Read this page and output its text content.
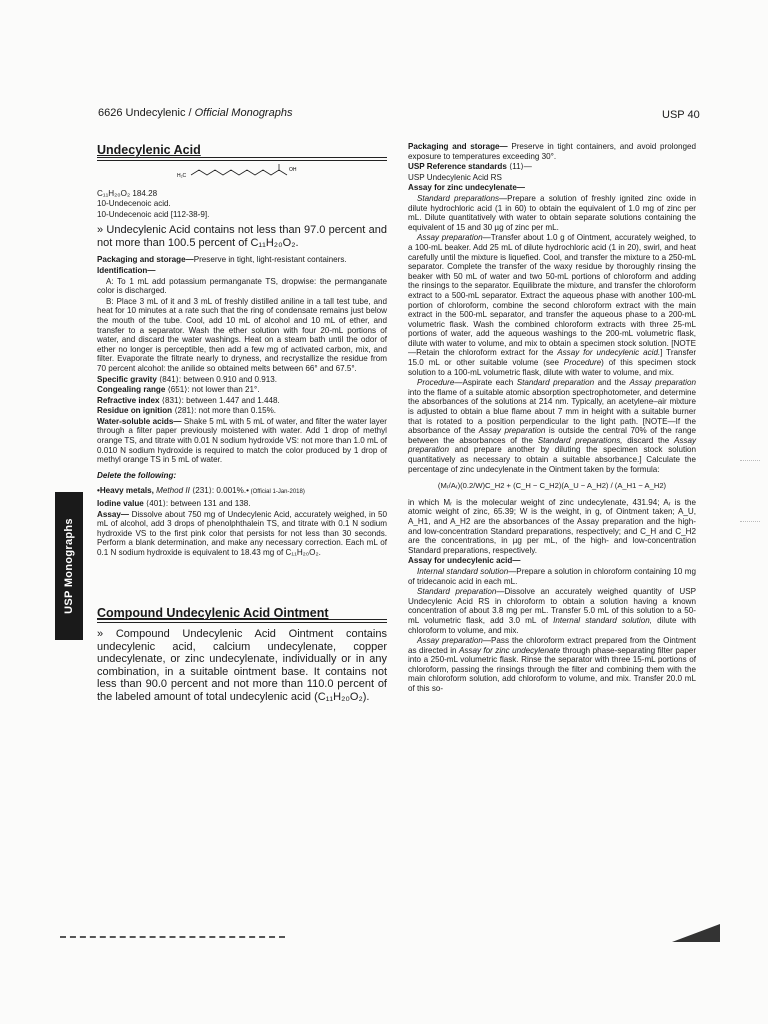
6626 Undecylenic / Official Monographs	USP 40
USP Monographs
Undecylenic Acid
H₂C
OH
C₁₁H₂₀O₂ 184.28
10-Undecenoic acid.
10-Undecenoic acid [112-38-9].
» Undecylenic Acid contains not less than 97.0 percent and not more than 100.5 percent of C₁₁H₂₀O₂.
Packaging and storage—Preserve in tight, light-resistant containers.
Identification—
A: To 1 mL add potassium permanganate TS, dropwise: the permanganate color is discharged.
B: Place 3 mL of it and 3 mL of freshly distilled aniline in a tall test tube, and heat for 10 minutes at a rate such that the ring of condensate remains just below the mouth of the tube. Cool, add 10 mL of alcohol and 10 mL of ether, and transfer to a separator. Wash the ether solution with four 20-mL portions of water, and discard the water washings. Heat on a steam bath until the odor of ether no longer is perceptible, then add a few mg of activated carbon, mix, and filter. Evaporate the filtrate nearly to dryness, and recrystallize the residue from 70 percent alcohol: the anilide so obtained melts between 66° and 67.5°.
Specific gravity ⟨841⟩: between 0.910 and 0.913.
Congealing range ⟨651⟩: not lower than 21°.
Refractive index ⟨831⟩: between 1.447 and 1.448.
Residue on ignition ⟨281⟩: not more than 0.15%.
Water-soluble acids— Shake 5 mL with 5 mL of water, and filter the water layer through a filter paper previously moistened with water. Add 1 drop of methyl orange TS, and titrate with 0.01 N sodium hydroxide VS: not more than 1.0 mL of 0.010 N sodium hydroxide is required to match the color produced by 1 drop of methyl orange TS in 5 mL of water.
Delete the following:
•Heavy metals, Method II ⟨231⟩: 0.001%.• (Official 1-Jan-2018)
Iodine value ⟨401⟩: between 131 and 138.
Assay— Dissolve about 750 mg of Undecylenic Acid, accurately weighed, in 50 mL of alcohol, add 3 drops of phenolphthalein TS, and titrate with 0.1 N sodium hydroxide VS to the first pink color that persists for not less than 30 seconds. Perform a blank determination, and make any necessary correction. Each mL of 0.1 N sodium hydroxide is equivalent to 18.43 mg of C₁₁H₂₀O₂.
Compound Undecylenic Acid Ointment
» Compound Undecylenic Acid Ointment contains undecylenic acid, calcium undecylenate, copper undecylenate, or zinc undecylenate, individually or in any combination, in a suitable ointment base. It contains not less than 90.0 percent and not more than 110.0 percent of the labeled amount of total undecylenic acid (C₁₁H₂₀O₂).
Packaging and storage— Preserve in tight containers, and avoid prolonged exposure to temperatures exceeding 30°.
USP Reference standards ⟨11⟩—
USP Undecylenic Acid RS
Assay for zinc undecylenate—
Standard preparations—Prepare a solution of freshly ignited zinc oxide in dilute hydrochloric acid (1 in 60) to obtain the equivalent of 1.0 mg of zinc per mL. Dilute quantitatively with water to obtain separate solutions containing the equivalent of 15 and 30 µg of zinc per mL.
Assay preparation—Transfer about 1.0 g of Ointment, accurately weighed, to a 100-mL beaker. Add 25 mL of dilute hydrochloric acid (1 in 20), swirl, and heat carefully until the mixture is liquefied. Cool, and transfer the mixture to a 250-mL separator. Complete the transfer of the waxy residue by thoroughly rinsing the beaker with 50 mL of water and two 50-mL portions of chloroform and adding the rinsings to the separator. Equilibrate the mixture, and transfer the chloroform extract to a 500-mL separator. Extract the aqueous phase with another 100-mL portion of chloroform, combine the second chloroform extract with the main extract in the 500-mL separator, and transfer the aqueous phase to a 200-mL volumetric flask. Wash the combined chloroform extracts with three 25-mL portions of water, add the aqueous washings to the 200-mL volumetric flask, dilute with water to volume, and mix to obtain a specimen stock solution. [NOTE—Retain the chloroform extract for the Assay for undecylenic acid.] Transfer 15.0 mL or other suitable volume (see Procedure) of this specimen stock solution to a 100-mL volumetric flask, dilute with water to volume, and mix.
Procedure—Aspirate each Standard preparation and the Assay preparation into the flame of a suitable atomic absorption spectrophotometer, and determine the absorbances of the solutions at 214 nm. Typically, an acetylene–air mixture is adjusted to obtain a blue flame about 7 mm in height with a suitable burner that is rotated to a position perpendicular to the light path. [NOTE—If the absorbance of the Assay preparation is outside the central 70% of the range between the absorbances of the Standard preparations, discard the Assay preparation and prepare another by diluting the specimen stock solution quantitatively as necessary to obtain a suitable absorbance.] Calculate the percentage of zinc undecylenate in the Ointment taken by the formula:
(Mᵣ/Aᵣ)(0.2/W)C_H2 + (C_H − C_H2)(A_U − A_H2) / (A_H1 − A_H2)
in which Mᵣ is the molecular weight of zinc undecylenate, 431.94; Aᵣ is the atomic weight of zinc, 65.39; W is the weight, in g, of Ointment taken; A_U, A_H1, and A_H2 are the absorbances of the Assay preparation and the high- and low-concentration Standard preparations, respectively; and C_H and C_H2 are the concentrations, in µg per mL, of the high- and low-concentration Standard preparations, respectively.
Assay for undecylenic acid—
Internal standard solution—Prepare a solution in chloroform containing 10 mg of tridecanoic acid in each mL.
Standard preparation—Dissolve an accurately weighed quantity of USP Undecylenic Acid RS in chloroform to obtain a solution having a known concentration of about 3.8 mg per mL. Transfer 5.0 mL of this solution to a 50-mL volumetric flask, add 3.0 mL of Internal standard solution, dilute with chloroform to volume, and mix.
Assay preparation—Pass the chloroform extract prepared from the Ointment as directed in Assay for zinc undecylenate through phase-separating filter paper into a 250-mL volumetric flask. Rinse the separator with three 15-mL portions of chloroform, passing the rinsings through the filter and combining them with the main chloroform solution, add chloroform to volume, and mix. Transfer 20.0 mL of this so-
